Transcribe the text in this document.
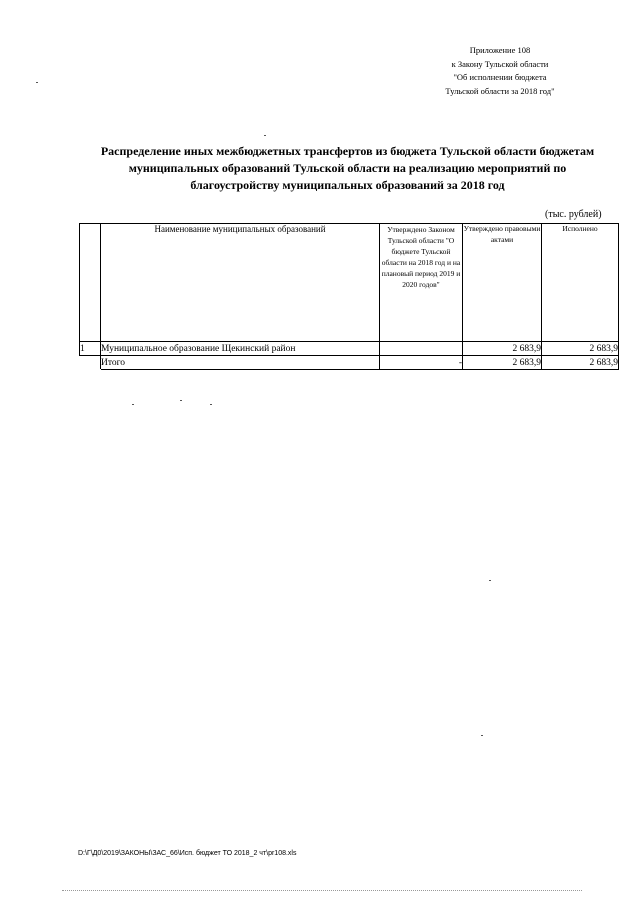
Приложение 108
к Закону Тульской области
"Об исполнении бюджета
Тульской области за 2018 год"
Распределение иных межбюджетных трансфертов из бюджета Тульской области бюджетам
муниципальных образований Тульской области на реализацию мероприятий по
благоустройству муниципальных образований за 2018 год
(тыс. рублей)
	Наименование муниципальных образований	Утверждено Законом Тульской области "О бюджете Тульской области на 2018 год и на плановый период 2019 и 2020 годов"	Утверждено правовыми актами	Исполнено
1	Муниципальное образование Щекинский район		2 683,9	2 683,9
	Итого	-	2 683,9	2 683,9
D:\Г\Д0\2019\ЗАКОНЫ\ЗАС_66\Исп. бюджет ТО 2018_2 чт\pr108.xls
